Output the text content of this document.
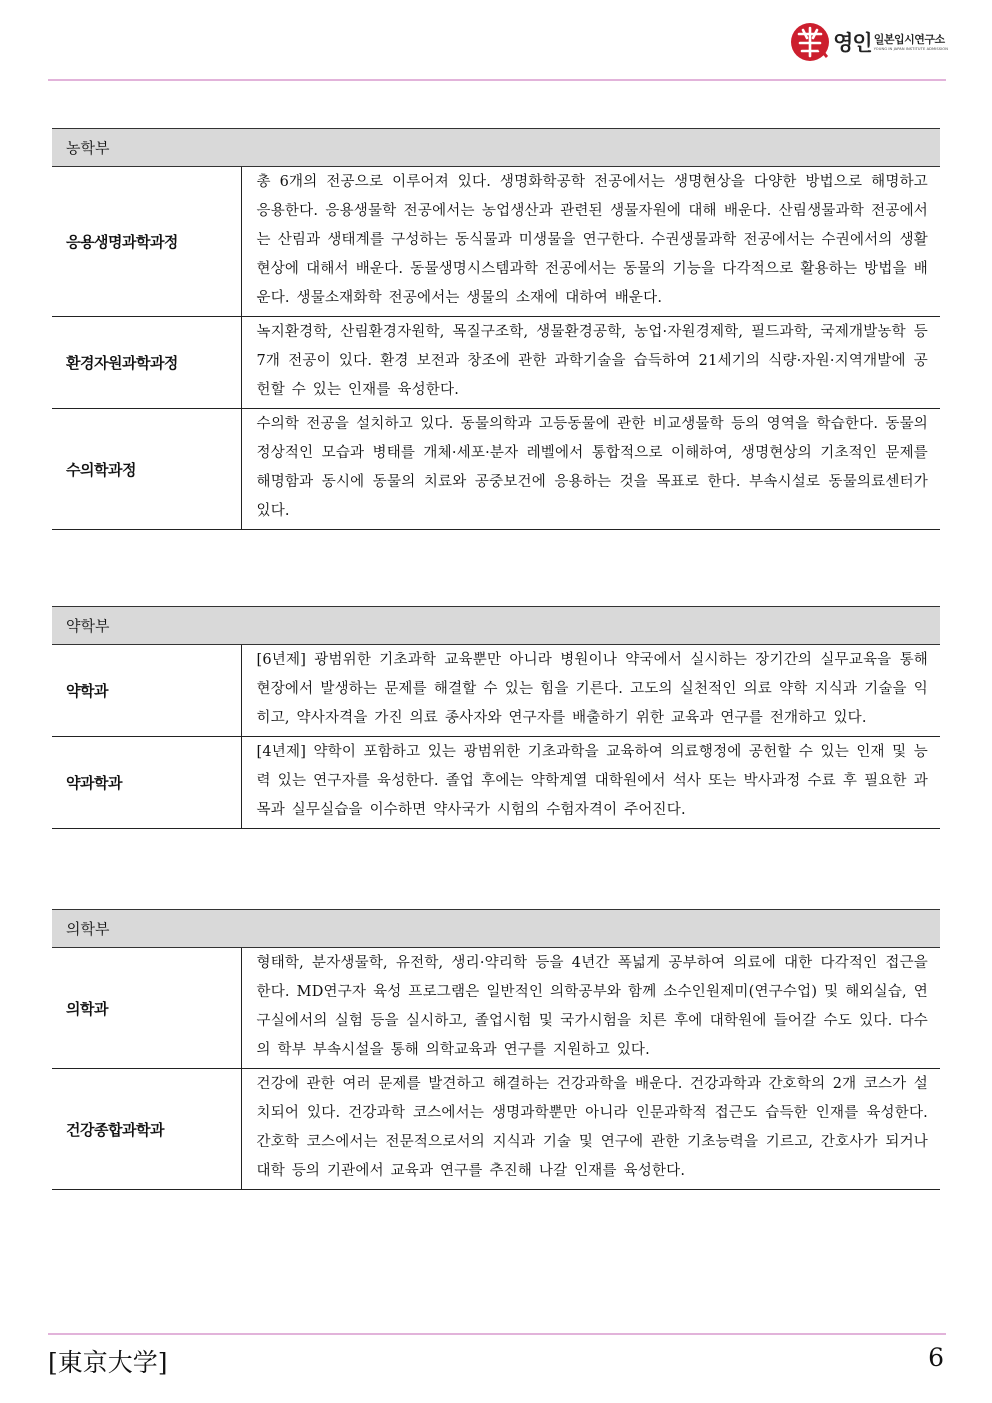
영인 일본입시연구소
YOUNG IN JAPAN INSTITUTE ADMISSION
농학부	
응용생명과학과정	총 6개의 전공으로 이루어져 있다. 생명화학공학 전공에서는 생명현상을 다양한 방법으로 해명하고 응용한다. 응용생물학 전공에서는 농업생산과 관련된 생물자원에 대해 배운다. 산림생물과학 전공에서는 산림과 생태계를 구성하는 동식물과 미생물을 연구한다. 수권생물과학 전공에서는 수권에서의 생활현상에 대해서 배운다. 동물생명시스템과학 전공에서는 동물의 기능을 다각적으로 활용하는 방법을 배운다. 생물소재화학 전공에서는 생물의 소재에 대하여 배운다.
환경자원과학과정	녹지환경학, 산림환경자원학, 목질구조학, 생물환경공학, 농업·자원경제학, 필드과학, 국제개발농학 등 7개 전공이 있다. 환경 보전과 창조에 관한 과학기술을 습득하여 21세기의 식량·자원·지역개발에 공헌할 수 있는 인재를 육성한다.
수의학과정	수의학 전공을 설치하고 있다. 동물의학과 고등동물에 관한 비교생물학 등의 영역을 학습한다. 동물의 정상적인 모습과 병태를 개체·세포·분자 레벨에서 통합적으로 이해하여, 생명현상의 기초적인 문제를 해명함과 동시에 동물의 치료와 공중보건에 응용하는 것을 목표로 한다. 부속시설로 동물의료센터가 있다.
약학부	
약학과	[6년제] 광범위한 기초과학 교육뿐만 아니라 병원이나 약국에서 실시하는 장기간의 실무교육을 통해 현장에서 발생하는 문제를 해결할 수 있는 힘을 기른다. 고도의 실천적인 의료 약학 지식과 기술을 익히고, 약사자격을 가진 의료 종사자와 연구자를 배출하기 위한 교육과 연구를 전개하고 있다.
약과학과	[4년제] 약학이 포함하고 있는 광범위한 기초과학을 교육하여 의료행정에 공헌할 수 있는 인재 및 능력 있는 연구자를 육성한다. 졸업 후에는 약학계열 대학원에서 석사 또는 박사과정 수료 후 필요한 과목과 실무실습을 이수하면 약사국가 시험의 수험자격이 주어진다.
의학부	
의학과	형태학, 분자생물학, 유전학, 생리·약리학 등을 4년간 폭넓게 공부하여 의료에 대한 다각적인 접근을 한다. MD연구자 육성 프로그램은 일반적인 의학공부와 함께 소수인원제미(연구수업) 및 해외실습, 연구실에서의 실험 등을 실시하고, 졸업시험 및 국가시험을 치른 후에 대학원에 들어갈 수도 있다. 다수의 학부 부속시설을 통해 의학교육과 연구를 지원하고 있다.
건강종합과학과	건강에 관한 여러 문제를 발견하고 해결하는 건강과학을 배운다. 건강과학과 간호학의 2개 코스가 설치되어 있다. 건강과학 코스에서는 생명과학뿐만 아니라 인문과학적 접근도 습득한 인재를 육성한다. 간호학 코스에서는 전문적으로서의 지식과 기술 및 연구에 관한 기초능력을 기르고, 간호사가 되거나 대학 등의 기관에서 교육과 연구를 추진해 나갈 인재를 육성한다.
[東京大学]	6
